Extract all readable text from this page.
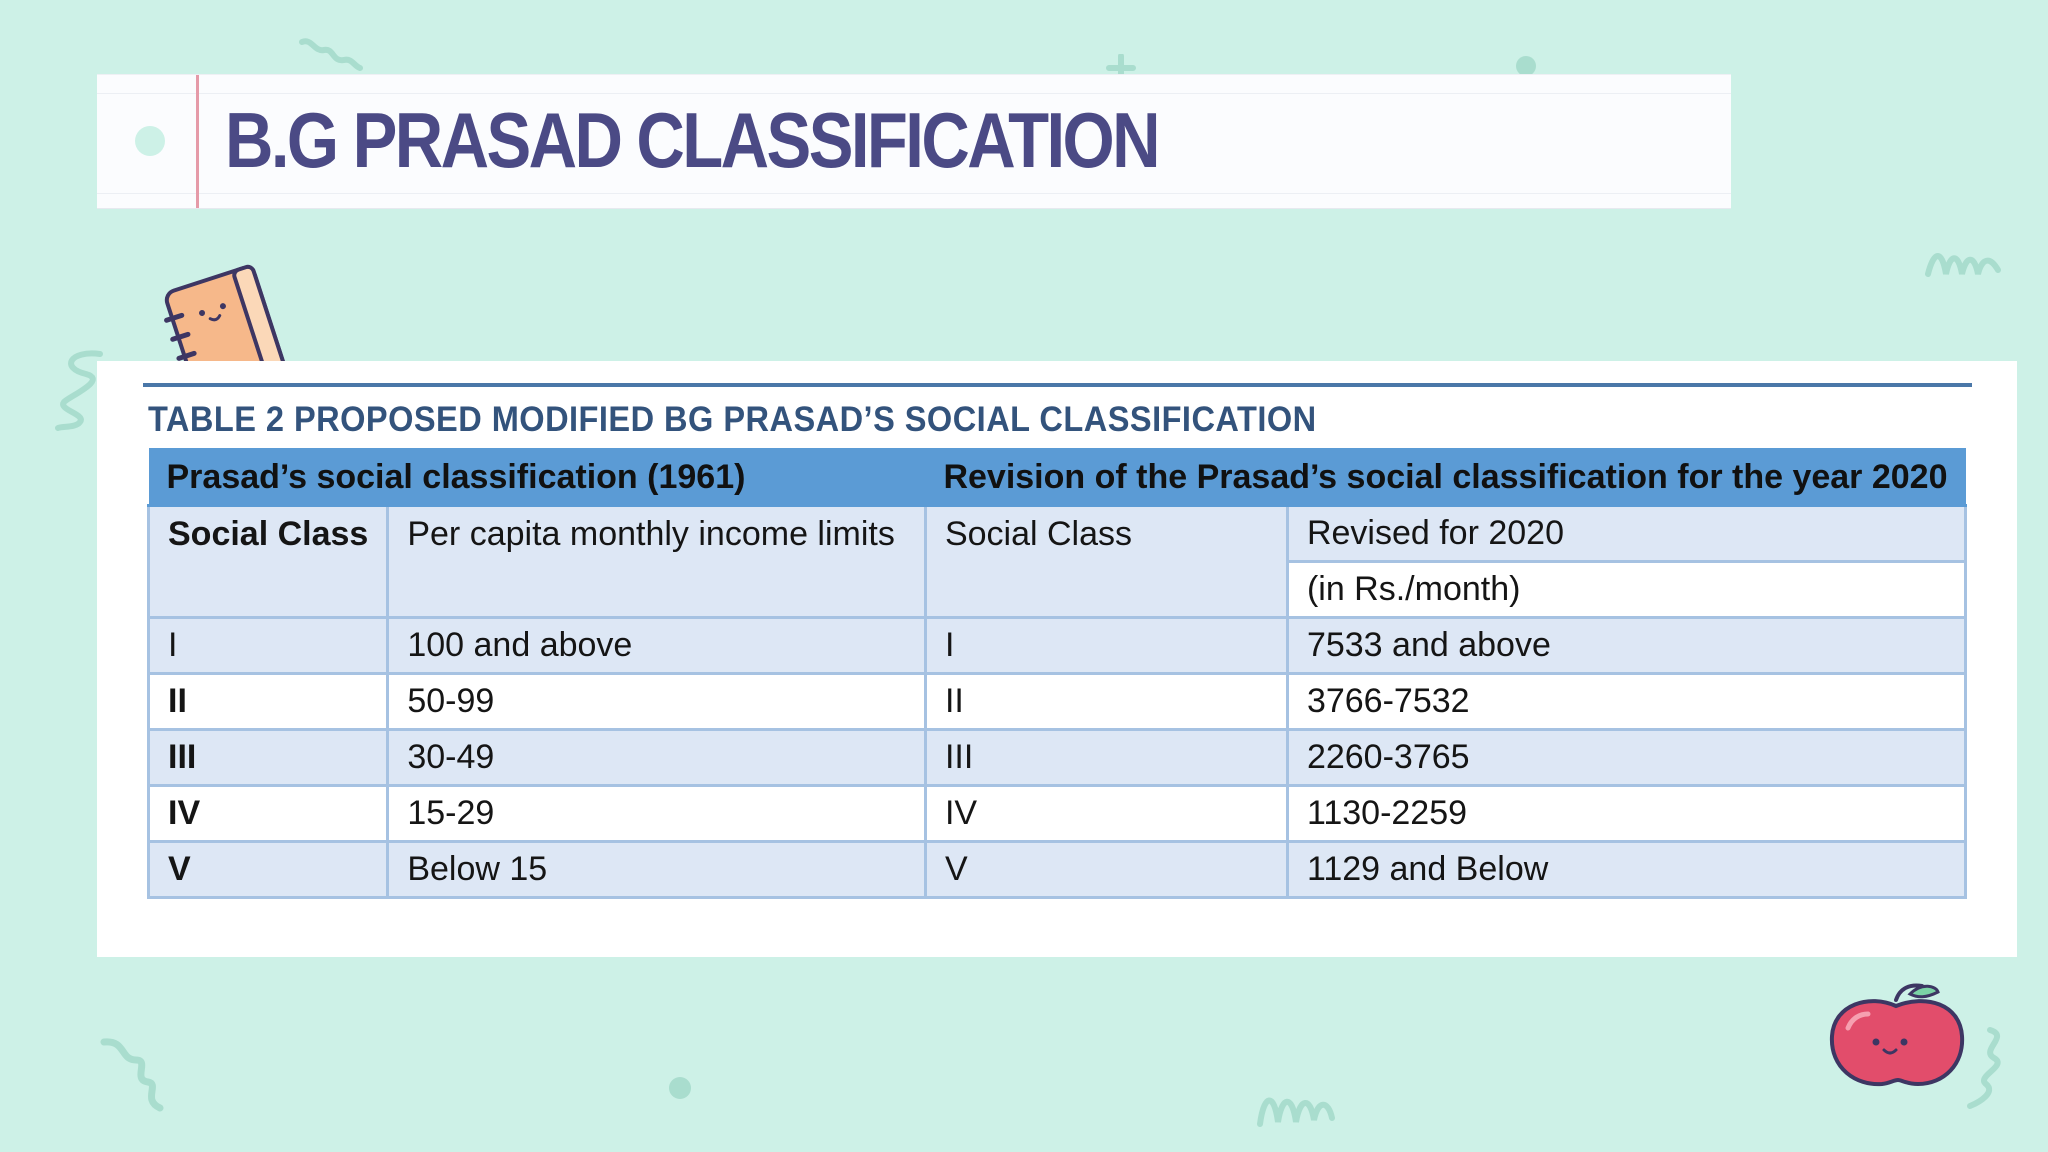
B.G PRASAD CLASSIFICATION
TABLE 2 PROPOSED MODIFIED BG PRASAD’S SOCIAL CLASSIFICATION
Prasad’s social classification (1961)		Revision of the Prasad’s social classification for the year 2020	
Social Class	Per capita monthly income limits	Social Class	Revised for 2020
			(in Rs./month)
I	100 and above	I	7533 and above
II	50-99	II	3766-7532
III	30-49	III	2260-3765
IV	15-29	IV	1130-2259
V	Below 15	V	1129 and Below
